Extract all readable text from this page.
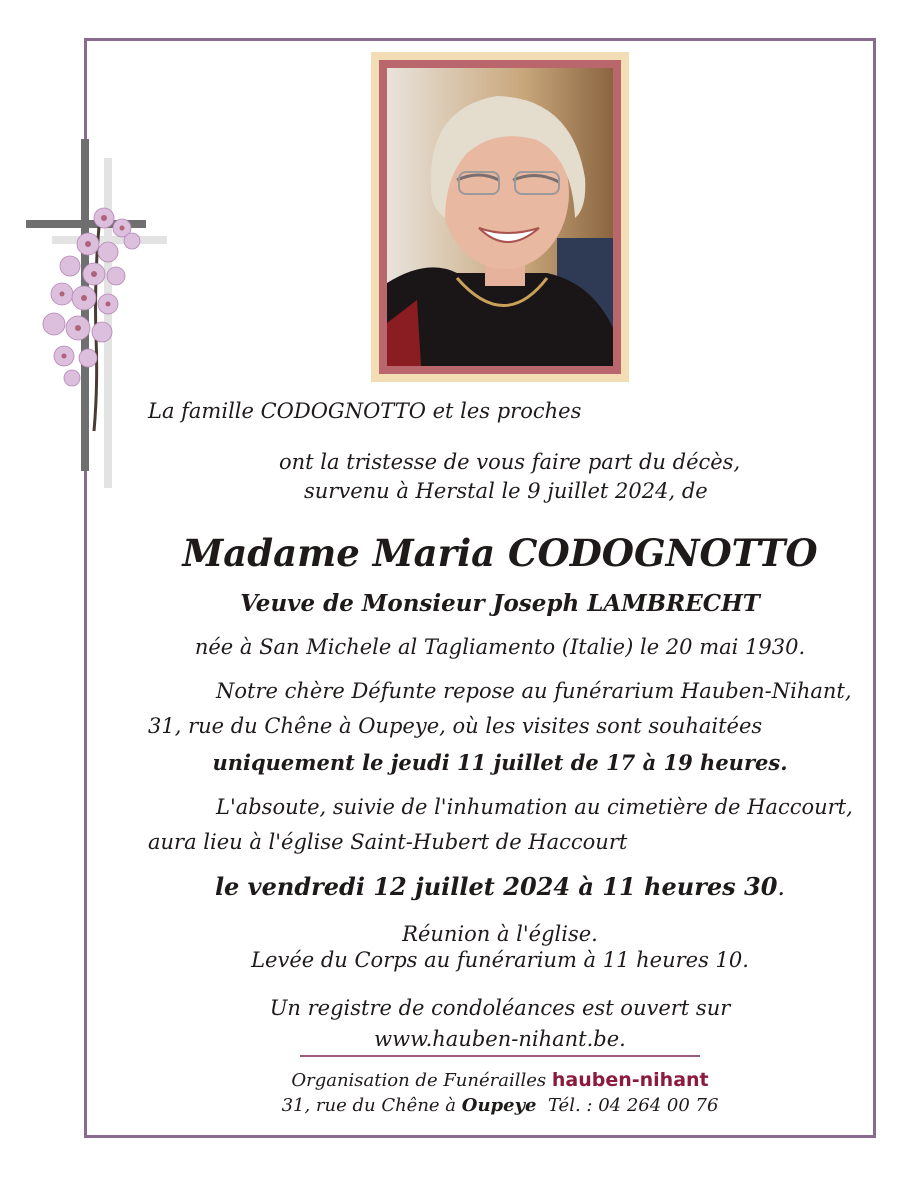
La famille CODOGNOTTO et les proches
ont la tristesse de vous faire part du décès,
survenu à Herstal le 9 juillet 2024, de
Madame Maria CODOGNOTTO
Veuve de Monsieur Joseph LAMBRECHT
née à San Michele al Tagliamento (Italie) le 20 mai 1930.
Notre chère Défunte repose au funérarium Hauben-Nihant,
31, rue du Chêne à Oupeye, où les visites sont souhaitées
uniquement le jeudi 11 juillet de 17 à 19 heures.
L'absoute, suivie de l'inhumation au cimetière de Haccourt,
aura lieu à l'église Saint-Hubert de Haccourt
le vendredi 12 juillet 2024 à 11 heures 30.
Réunion à l'église.
Levée du Corps au funérarium à 11 heures 10.
Un registre de condoléances est ouvert sur
www.hauben-nihant.be.
Organisation de Funérailles hauben-nihant
31, rue du Chêne à Oupeye Tél. : 04 264 00 76
